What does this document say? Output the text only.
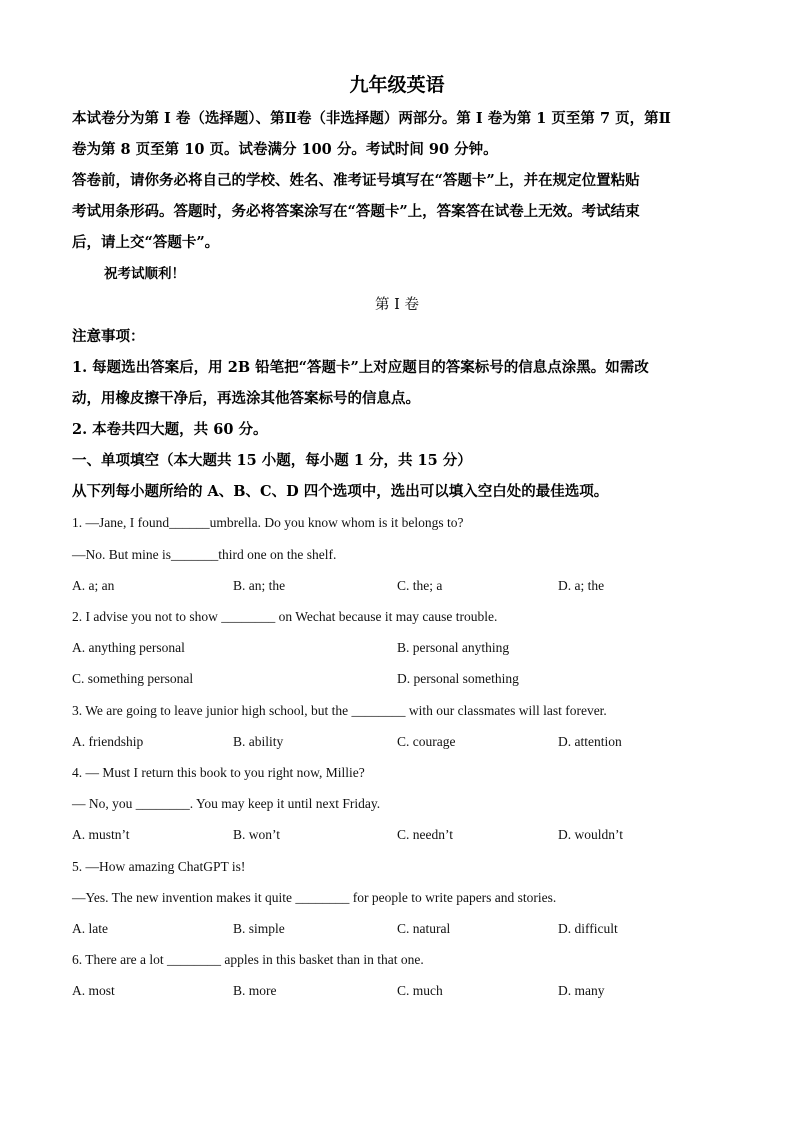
九年级英语
本试卷分为第 I 卷（选择题）、第Ⅱ卷（非选择题）两部分。第 I 卷为第 1 页至第 7 页，第Ⅱ
卷为第 8 页至第 10 页。试卷满分 100 分。考试时间 90 分钟。
答卷前，请你务必将自己的学校、姓名、准考证号填写在“答题卡”上，并在规定位置粘贴
考试用条形码。答题时，务必将答案涂写在“答题卡”上，答案答在试卷上无效。考试结束
后，请上交“答题卡”。
祝考试顺利！
第 I 卷
注意事项：
1. 每题选出答案后，用 2B 铅笔把“答题卡”上对应题目的答案标号的信息点涂黑。如需改
动，用橡皮擦干净后，再选涂其他答案标号的信息点。
2. 本卷共四大题，共 60 分。
一、单项填空（本大题共 15 小题，每小题 1 分，共 15 分）
从下列每小题所给的 A、B、C、D 四个选项中，选出可以填入空白处的最佳选项。
1. —Jane, I found______umbrella. Do you know whom is it belongs to?
—No. But mine is_______third one on the shelf.
A. a; an	B. an; the	C. the; a	D. a; the
2. I advise you not to show ________ on Wechat because it may cause trouble.
A. anything personal	B. personal anything
C. something personal	D. personal something
3. We are going to leave junior high school, but the ________ with our classmates will last forever.
A. friendship	B. ability	C. courage	D. attention
4. — Must I return this book to you right now, Millie?
— No, you ________. You may keep it until next Friday.
A. mustn’t	B. won’t	C. needn’t	D. wouldn’t
5. —How amazing ChatGPT is!
—Yes. The new invention makes it quite ________ for people to write papers and stories.
A. late	B. simple	C. natural	D. difficult
6. There are a lot ________ apples in this basket than in that one.
A. most	B. more	C. much	D. many
